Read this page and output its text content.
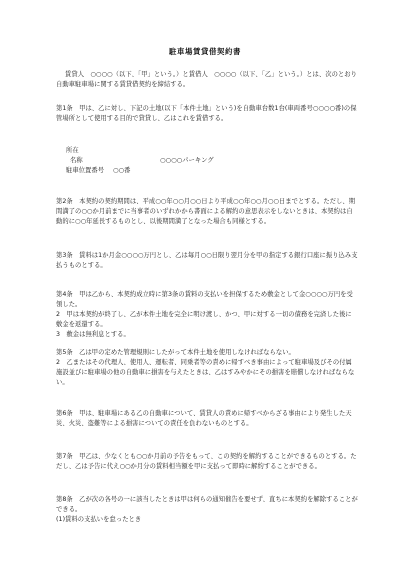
駐車場賃貸借契約書
賃貸人　○○○○（以下、「甲」という。）と賃借人　○○○○（以下、「乙」という。）とは、次のとおり自動車駐車場に関する賃貸借契約を締結する。
第1条　甲は、乙に対し、下記の土地(以下「本件土地」という)を自動車台数1台(車両番号○○○○番)の保管場所として使用する目的で貸貸し、乙はこれを賃借する。
所在
名称	○○○○パーキング
駐車位置番号 ○○番
第2条　本契約の契約期間は、平成○○年○○月○○日より平成○○年○○月○○日までとする。ただし、期間満了の○○か月前までに当事者のいずれかから書面による解約の意思表示をしないときは、本契約は自動的に○○年延長するものとし、以後期間満了となった場合も同様とする。
第3条　賃料は1か月金○○○○万円とし、乙は毎月○○日限り翌月分を甲の指定する銀行口座に振り込み支払うものとする。
第4条　甲は乙から、本契約成立時に第3条の賃料の支払いを担保するため敷金として金○○○○万円を受領した。
2　甲は本契約が終了し、乙が本件土地を完全に明け渡し、かつ、甲に対する一切の債務を完済した後に敷金を返還する。
3　敷金は無利息とする。
第5条　乙は甲の定めた管理規則にしたがって本件土地を使用しなければならない。
2　乙またはその代理人、使用人、運転者、同乗者等の責めに帰すべき事由によって駐車場及びその付属施設並びに駐車場の他の自動車に損害を与えたときは、乙はすみやかにその損害を賠償しなければならない。
第6条　甲は、駐車場にある乙の自動車について、賃貸人の責めに帰すべからざる事由により発生した天災、火災、盗難等による損害についての責任を負わないものとする。
第7条　甲乙は、少なくとも○○か月前の予告をもって、この契約を解約することができるものとする。ただし、乙は予告に代え○○か月分の賃料相当額を甲に支払って即時に解約することができる。
第8条　乙が次の各号の一に該当したときは甲は何らの通知催告を要せず、直ちに本契約を解除することができる。
(1)賃料の支払いを怠ったとき
